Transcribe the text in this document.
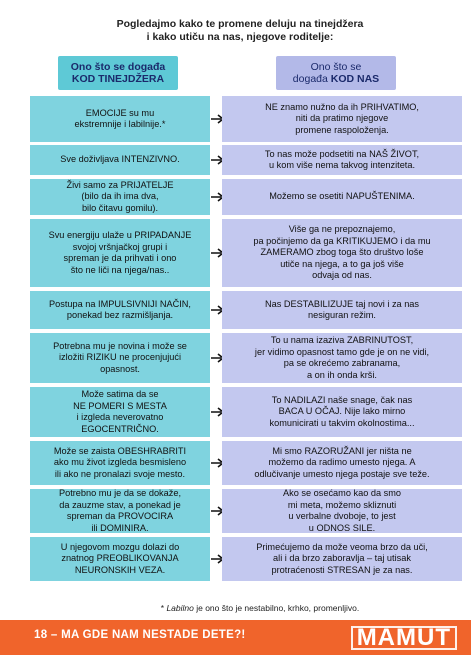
Pogledajmo kako te promene deluju na tinejdžera
i kako utiču na nas, njegove roditelje:
Ono što se događa
KOD TINEJDŽERA
Ono što se
događa KOD NAS
EMOCIJE su mu
ekstremnije i labilnije.*
NE znamo nužno da ih PRIHVATIMO,
niti da pratimo njegove
promene raspoloženja.
Sve doživljava INTENZIVNO.
To nas može podsetiti na NAŠ ŽIVOT,
u kom više nema takvog intenziteta.
Živi samo za PRIJATELJE
(bilo da ih ima dva,
bilo čitavu gomilu).
Možemo se osetiti NAPUŠTENIMA.
Svu energiju ulaže u PRIPADANJE
svojoj vršnjačkoj grupi i
spreman je da prihvati i ono
što ne liči na njega/nas..
Više ga ne prepoznajemo,
pa počinjemo da ga KRITIKUJEMO i da mu
ZAMERAMO zbog toga što društvo loše
utiče na njega, a to ga još više
odvaja od nas.
Postupa na IMPULSIVNIJI NAČIN,
ponekad bez razmišljanja.
Nas DESTABILIZUJE taj novi i za nas
nesiguran režim.
Potrebna mu je novina i može se
izložiti RIZIKU ne procenjujući
opasnost.
To u nama izaziva ZABRINUTOST,
jer vidimo opasnost tamo gde je on ne vidi,
pa se okrećemo zabranama,
a on ih onda krši.
Može satima da se
NE POMERI S MESTA
i izgleda neverovatno
EGOCENTRIČNO.
To NADILAZI naše snage, čak nas
BACA U OČAJ. Nije lako mirno
komunicirati u takvim okolnostima...
Može se zaista OBESHRABRITI
ako mu život izgleda besmisleno
ili ako ne pronalazi svoje mesto.
Mi smo RAZORUŽANI jer ništa ne
možemo da radimo umesto njega. A
odlučivanje umesto njega postaje sve teže.
Potrebno mu je da se dokaže,
da zauzme stav, a ponekad je
spreman da PROVOCIRA
ili DOMINIRA.
Ako se osećamo kao da smo
mi meta, možemo skliznuti
u verbalne dvoboje, to jest
u ODNOS SILE.
U njegovom mozgu dolazi do
znatnog PREOBLIKOVANJA
NEURONSKIH VEZA.
Primećujemo da može veoma brzo da uči,
ali i da brzo zaboravlja – taj utisak
protraćenosti STRESAN je za nas.
* Labilno je ono što je nestabilno, krhko, promenljivo.
18 – MA GDE NAM NESTADE DETE?!	MAMUT
